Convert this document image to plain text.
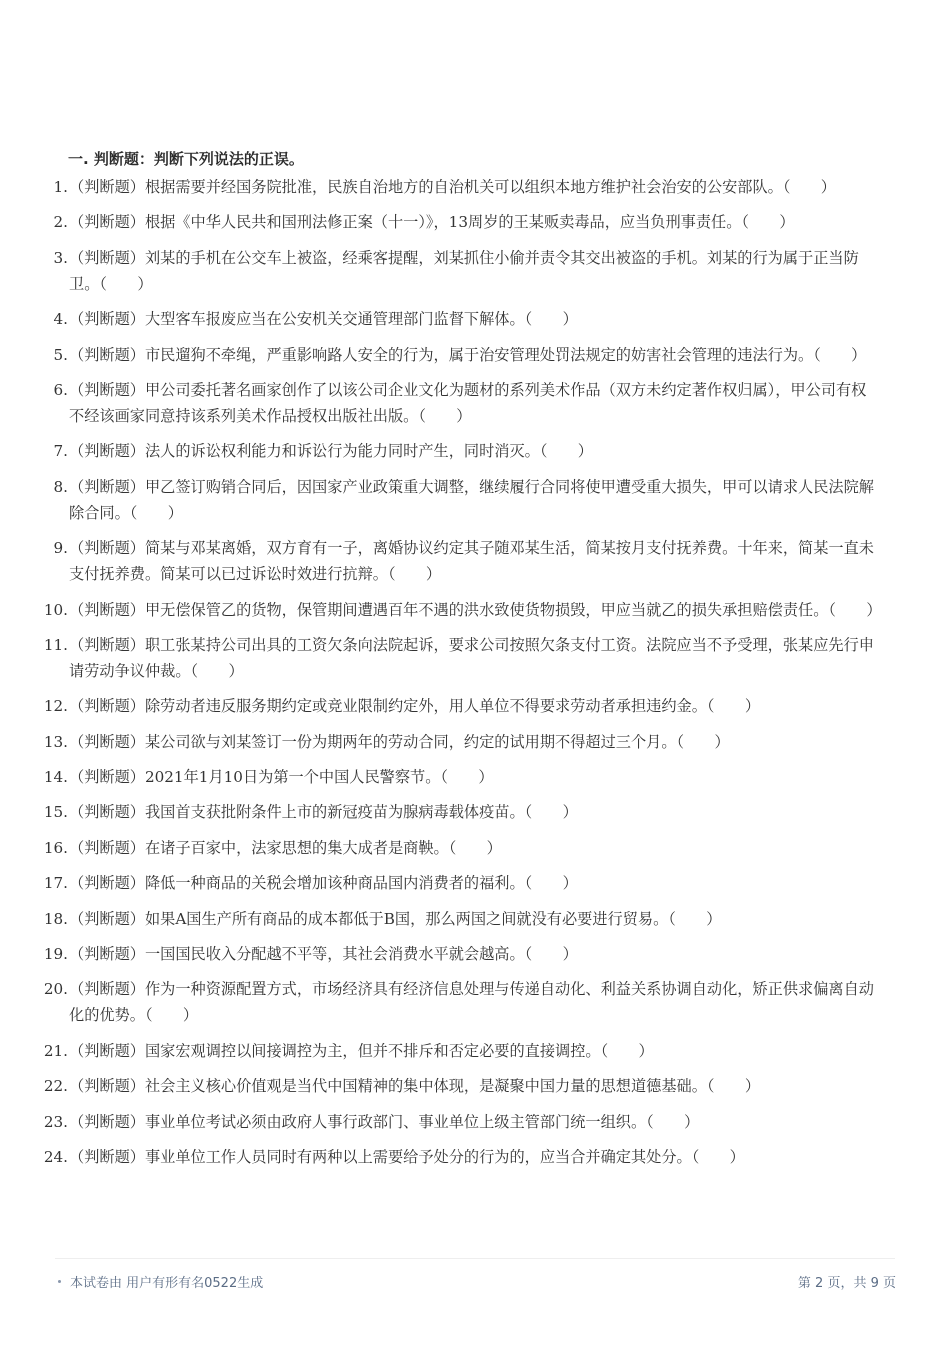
一. 判断题：判断下列说法的正误。
1. （判断题）根据需要并经国务院批准，民族自治地方的自治机关可以组织本地方维护社会治安的公安部队。（　　）
2. （判断题）根据《中华人民共和国刑法修正案（十一）》，13周岁的王某贩卖毒品，应当负刑事责任。（　　）
3. （判断题）刘某的手机在公交车上被盗，经乘客提醒，刘某抓住小偷并责令其交出被盗的手机。刘某的行为属于正当防卫。（　　）
4. （判断题）大型客车报废应当在公安机关交通管理部门监督下解体。（　　）
5. （判断题）市民遛狗不牵绳，严重影响路人安全的行为，属于治安管理处罚法规定的妨害社会管理的违法行为。（　　）
6. （判断题）甲公司委托著名画家创作了以该公司企业文化为题材的系列美术作品（双方未约定著作权归属），甲公司有权不经该画家同意持该系列美术作品授权出版社出版。（　　）
7. （判断题）法人的诉讼权利能力和诉讼行为能力同时产生，同时消灭。（　　）
8. （判断题）甲乙签订购销合同后，因国家产业政策重大调整，继续履行合同将使甲遭受重大损失，甲可以请求人民法院解除合同。（　　）
9. （判断题）简某与邓某离婚，双方育有一子，离婚协议约定其子随邓某生活，简某按月支付抚养费。十年来，简某一直未支付抚养费。简某可以已过诉讼时效进行抗辩。（　　）
10. （判断题）甲无偿保管乙的货物，保管期间遭遇百年不遇的洪水致使货物损毁，甲应当就乙的损失承担赔偿责任。（　　）
11. （判断题）职工张某持公司出具的工资欠条向法院起诉，要求公司按照欠条支付工资。法院应当不予受理，张某应先行申请劳动争议仲裁。（　　）
12. （判断题）除劳动者违反服务期约定或竞业限制约定外，用人单位不得要求劳动者承担违约金。（　　）
13. （判断题）某公司欲与刘某签订一份为期两年的劳动合同，约定的试用期不得超过三个月。（　　）
14. （判断题）2021年1月10日为第一个中国人民警察节。（　　）
15. （判断题）我国首支获批附条件上市的新冠疫苗为腺病毒载体疫苗。（　　）
16. （判断题）在诸子百家中，法家思想的集大成者是商鞅。（　　）
17. （判断题）降低一种商品的关税会增加该种商品国内消费者的福利。（　　）
18. （判断题）如果A国生产所有商品的成本都低于B国，那么两国之间就没有必要进行贸易。（　　）
19. （判断题）一国国民收入分配越不平等，其社会消费水平就会越高。（　　）
20. （判断题）作为一种资源配置方式，市场经济具有经济信息处理与传递自动化、利益关系协调自动化，矫正供求偏离自动化的优势。（　　）
21. （判断题）国家宏观调控以间接调控为主，但并不排斥和否定必要的直接调控。（　　）
22. （判断题）社会主义核心价值观是当代中国精神的集中体现，是凝聚中国力量的思想道德基础。（　　）
23. （判断题）事业单位考试必须由政府人事行政部门、事业单位上级主管部门统一组织。（　　）
24. （判断题）事业单位工作人员同时有两种以上需要给予处分的行为的，应当合并确定其处分。（　　）
本试卷由 用户有形有名0522生成	第 2 页，共 9 页
